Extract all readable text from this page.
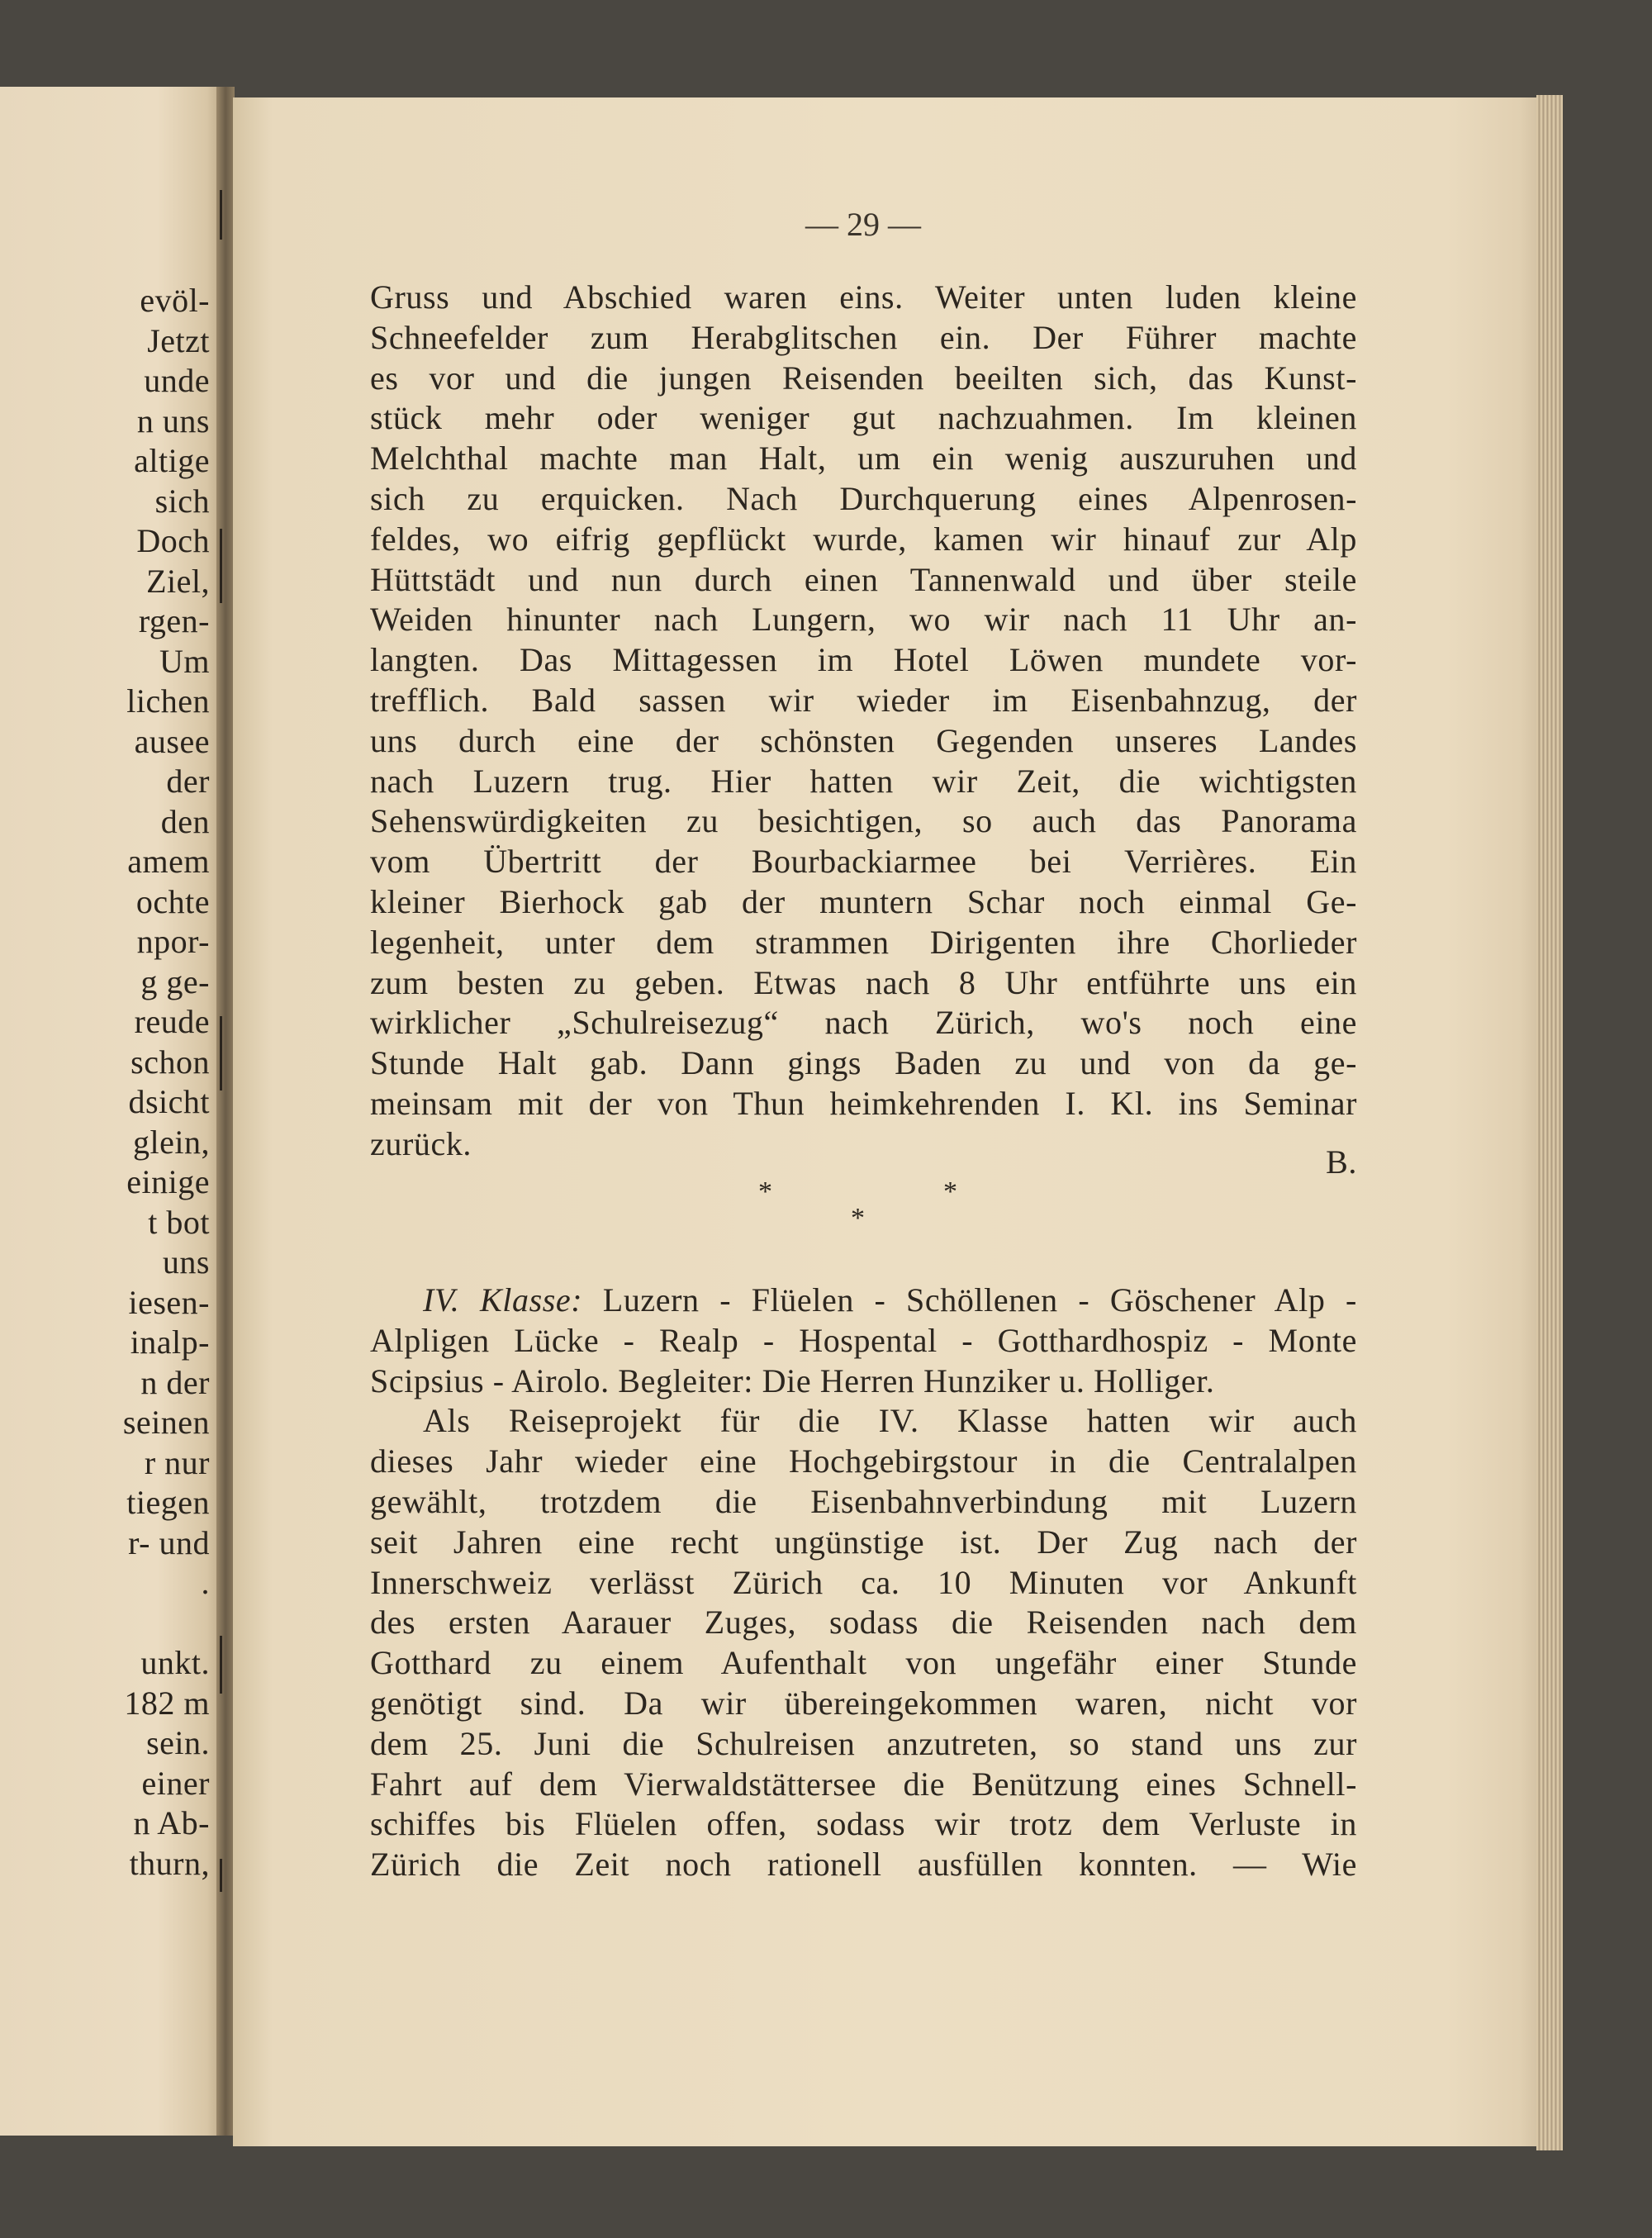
evöl-
Jetzt
unde
n uns
altige
sich
Doch
Ziel,
rgen-
Um
lichen
ausee
der
den
amem
ochte
npor-
g ge-
reude
schon
dsicht
glein,
einige
t bot
uns
iesen-
inalp-
n der
seinen
r nur
tiegen
r- und
.
unkt.
182 m
sein.
einer
n Ab-
thurn,
— 29 —
Gruss und Abschied waren eins. Weiter unten luden kleine
Schneefelder zum Herabglitschen ein. Der Führer machte
es vor und die jungen Reisenden beeilten sich, das Kunst-
stück mehr oder weniger gut nachzuahmen. Im kleinen
Melchthal machte man Halt, um ein wenig auszuruhen und
sich zu erquicken. Nach Durchquerung eines Alpenrosen-
feldes, wo eifrig gepflückt wurde, kamen wir hinauf zur Alp
Hüttstädt und nun durch einen Tannenwald und über steile
Weiden hinunter nach Lungern, wo wir nach 11 Uhr an-
langten. Das Mittagessen im Hotel Löwen mundete vor-
trefflich. Bald sassen wir wieder im Eisenbahnzug, der
uns durch eine der schönsten Gegenden unseres Landes
nach Luzern trug. Hier hatten wir Zeit, die wichtigsten
Sehenswürdigkeiten zu besichtigen, so auch das Panorama
vom Übertritt der Bourbackiarmee bei Verrières. Ein
kleiner Bierhock gab der muntern Schar noch einmal Ge-
legenheit, unter dem strammen Dirigenten ihre Chorlieder
zum besten zu geben. Etwas nach 8 Uhr entführte uns ein
wirklicher „Schulreisezug“ nach Zürich, wo's noch eine
Stunde Halt gab. Dann gings Baden zu und von da ge-
meinsam mit der von Thun heimkehrenden I. Kl. ins Seminar
zurück.	B.
*	*
*
IV. Klasse: Luzern - Flüelen - Schöllenen - Göschener Alp -
Alpligen Lücke - Realp - Hospental - Gotthardhospiz - Monte
Scipsius - Airolo. Begleiter: Die Herren Hunziker u. Holliger.
Als Reiseprojekt für die IV. Klasse hatten wir auch
dieses Jahr wieder eine Hochgebirgstour in die Centralalpen
gewählt, trotzdem die Eisenbahnverbindung mit Luzern
seit Jahren eine recht ungünstige ist. Der Zug nach der
Innerschweiz verlässt Zürich ca. 10 Minuten vor Ankunft
des ersten Aarauer Zuges, sodass die Reisenden nach dem
Gotthard zu einem Aufenthalt von ungefähr einer Stunde
genötigt sind. Da wir übereingekommen waren, nicht vor
dem 25. Juni die Schulreisen anzutreten, so stand uns zur
Fahrt auf dem Vierwaldstättersee die Benützung eines Schnell-
schiffes bis Flüelen offen, sodass wir trotz dem Verluste in
Zürich die Zeit noch rationell ausfüllen konnten. — Wie
